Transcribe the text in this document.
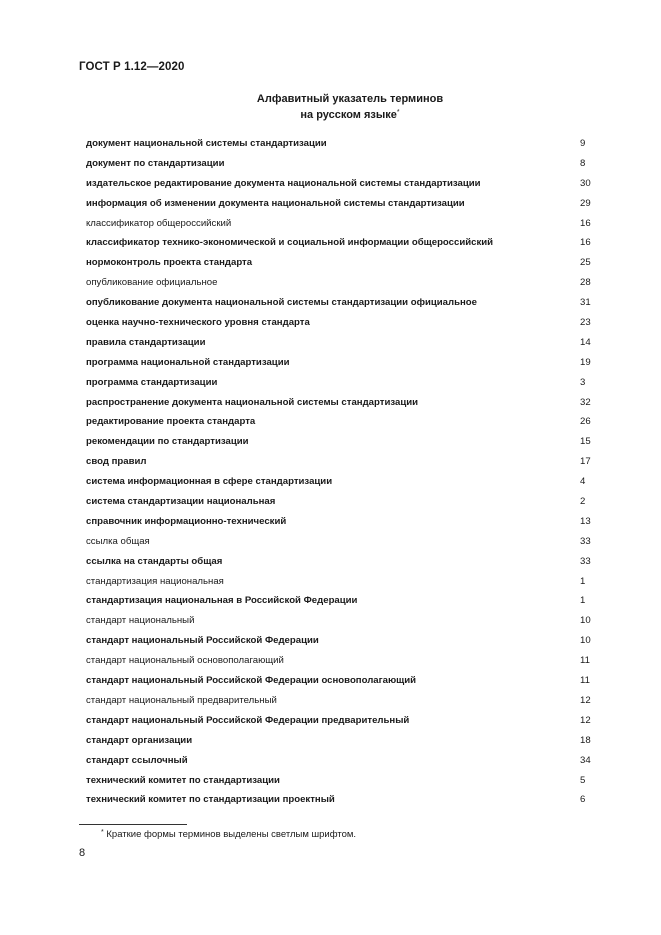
ГОСТ Р 1.12—2020
Алфавитный указатель терминов
на русском языке*
документ национальной системы стандартизации	9
документ по стандартизации	8
издательское редактирование документа национальной системы стандартизации	30
информация об изменении документа национальной системы стандартизации	29
классификатор общероссийский	16
классификатор технико-экономической и социальной информации общероссийский	16
нормоконтроль проекта стандарта	25
опубликование официальное	28
опубликование документа национальной системы стандартизации официальное	31
оценка научно-технического уровня стандарта	23
правила стандартизации	14
программа национальной стандартизации	19
программа стандартизации	3
распространение документа национальной системы стандартизации	32
редактирование проекта стандарта	26
рекомендации по стандартизации	15
свод правил	17
система информационная в сфере стандартизации	4
система стандартизации национальная	2
справочник информационно-технический	13
ссылка общая	33
ссылка на стандарты общая	33
стандартизация национальная	1
стандартизация национальная в Российской Федерации	1
стандарт национальный	10
стандарт национальный Российской Федерации	10
стандарт национальный основополагающий	11
стандарт национальный Российской Федерации основополагающий	11
стандарт национальный предварительный	12
стандарт национальный Российской Федерации предварительный	12
стандарт организации	18
стандарт ссылочный	34
технический комитет по стандартизации	5
технический комитет по стандартизации проектный	6
* Краткие формы терминов выделены светлым шрифтом.
8
